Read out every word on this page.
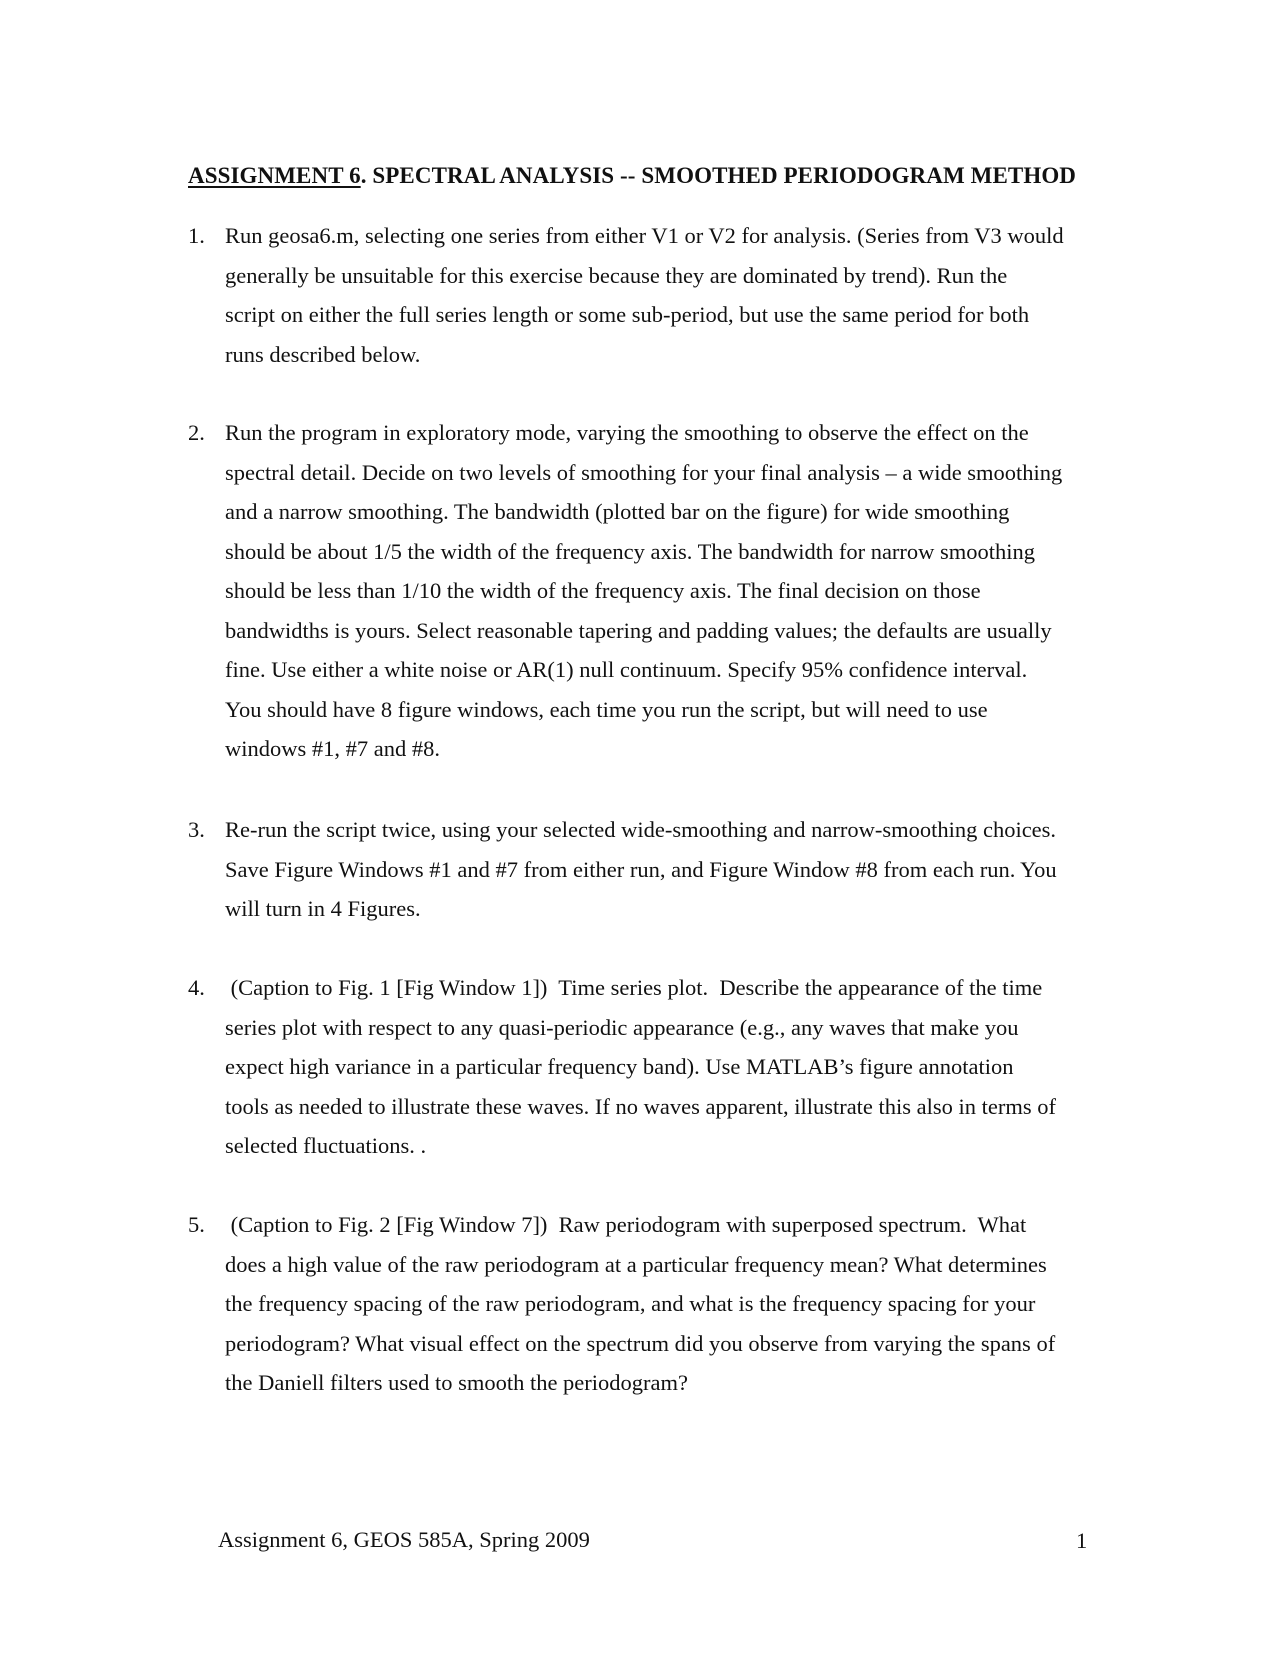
ASSIGNMENT 6. SPECTRAL ANALYSIS -- SMOOTHED PERIODOGRAM METHOD
1. Run geosa6.m, selecting one series from either V1 or V2 for analysis. (Series from V3 would
generally be unsuitable for this exercise because they are dominated by trend). Run the
script on either the full series length or some sub-period, but use the same period for both
runs described below.
2. Run the program in exploratory mode, varying the smoothing to observe the effect on the
spectral detail. Decide on two levels of smoothing for your final analysis – a wide smoothing
and a narrow smoothing. The bandwidth (plotted bar on the figure) for wide smoothing
should be about 1/5 the width of the frequency axis. The bandwidth for narrow smoothing
should be less than 1/10 the width of the frequency axis. The final decision on those
bandwidths is yours. Select reasonable tapering and padding values; the defaults are usually
fine. Use either a white noise or AR(1) null continuum. Specify 95% confidence interval.
You should have 8 figure windows, each time you run the script, but will need to use
windows #1, #7 and #8.
3. Re-run the script twice, using your selected wide-smoothing and narrow-smoothing choices.
Save Figure Windows #1 and #7 from either run, and Figure Window #8 from each run. You
will turn in 4 Figures.
4. (Caption to Fig. 1 [Fig Window 1])  Time series plot.  Describe the appearance of the time
series plot with respect to any quasi-periodic appearance (e.g., any waves that make you
expect high variance in a particular frequency band). Use MATLAB’s figure annotation
tools as needed to illustrate these waves. If no waves apparent, illustrate this also in terms of
selected fluctuations. .
5. (Caption to Fig. 2 [Fig Window 7])  Raw periodogram with superposed spectrum.  What
does a high value of the raw periodogram at a particular frequency mean? What determines
the frequency spacing of the raw periodogram, and what is the frequency spacing for your
periodogram? What visual effect on the spectrum did you observe from varying the spans of
the Daniell filters used to smooth the periodogram?
Assignment 6, GEOS 585A, Spring 2009	1
